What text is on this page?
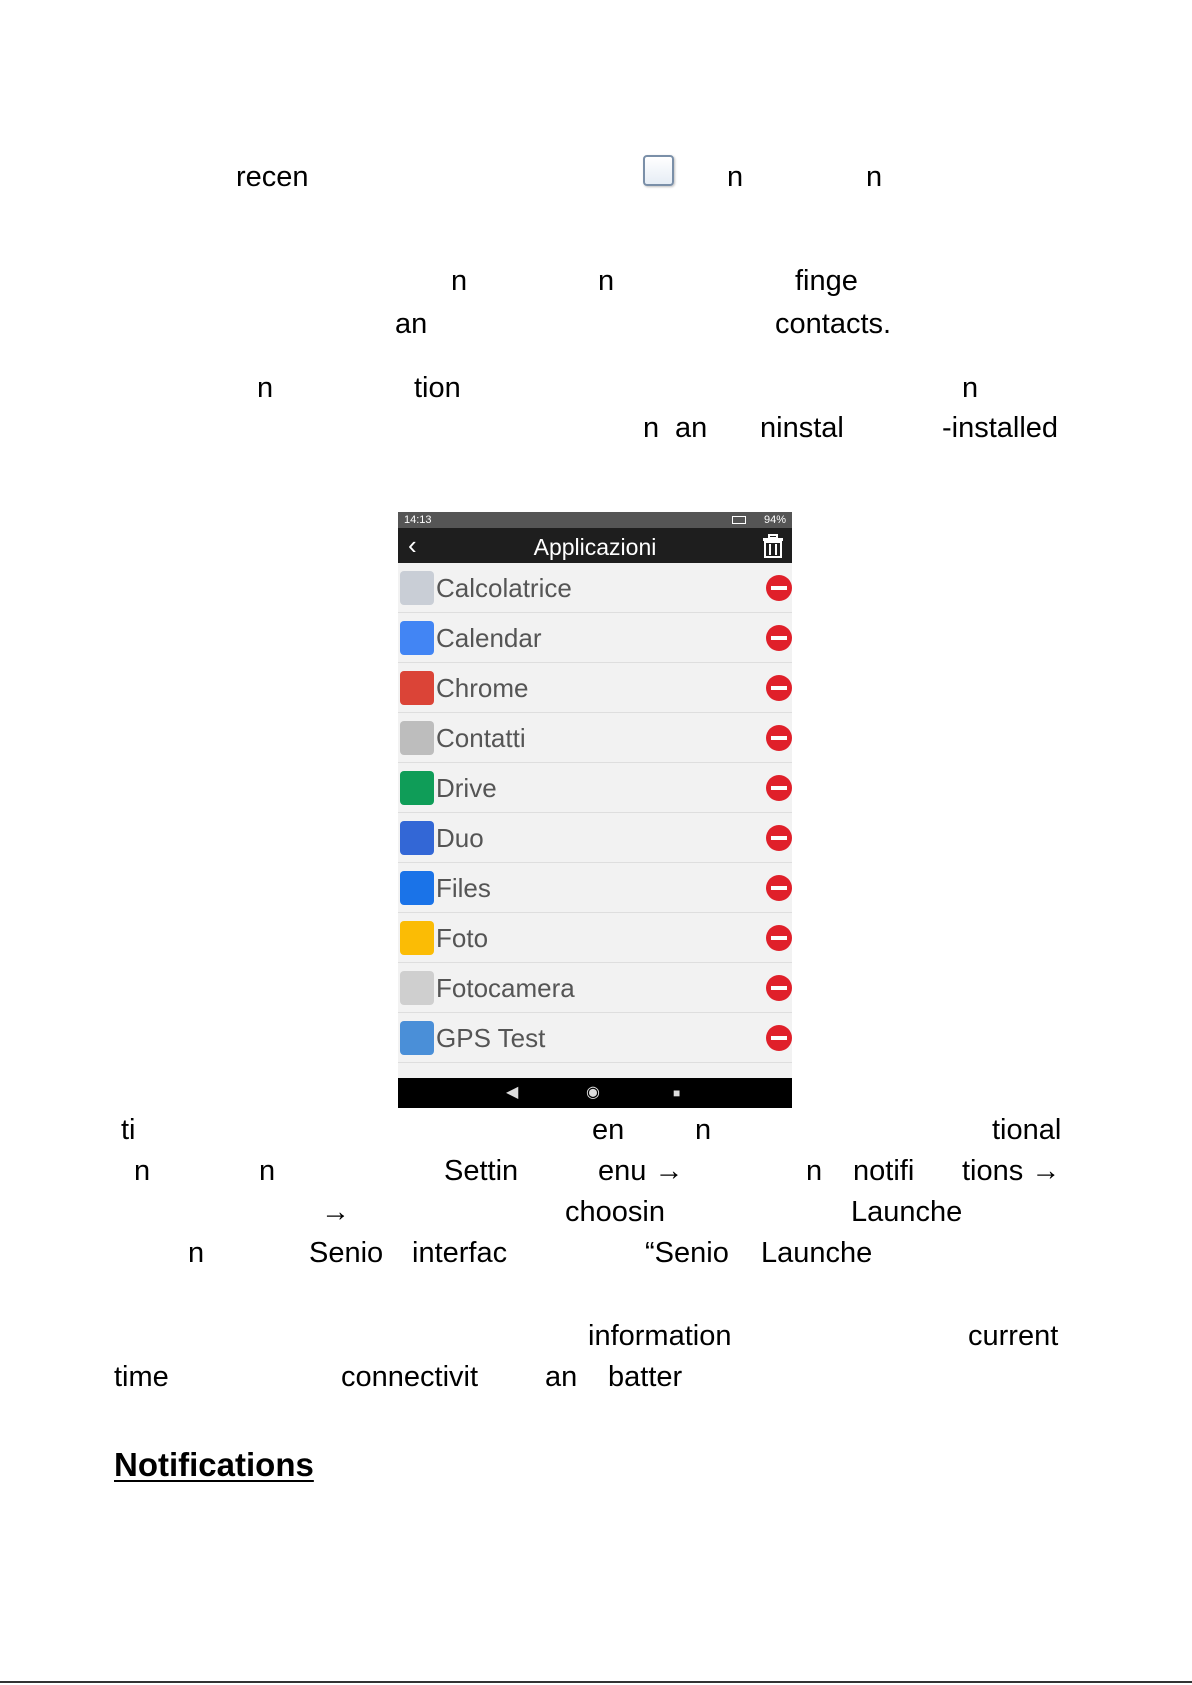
recen	n	n
n	n	finge
an	contacts.
n	tion	n
n an ninstal	-installed
14:13	94%
‹	Applicazioni
Calcolatrice
Calendar
Chrome
Contatti
Drive
Duo
Files
Foto
Fotocamera
GPS Test
◀	◉	■
ti	en n	tional
n	n	Settin	enu →	n notifi tions →
→	choosin	Launche
n	Senio interfac	“Senio Launche
information	current
time	connectivit an batter
Notifications
